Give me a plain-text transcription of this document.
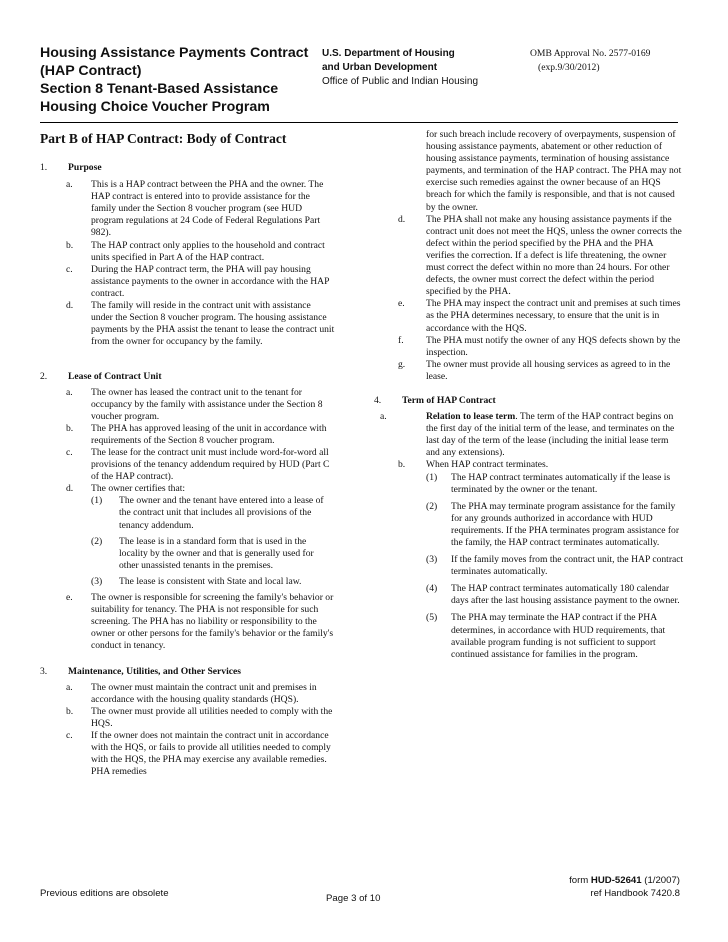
Housing Assistance Payments Contract
(HAP Contract)
Section 8 Tenant-Based Assistance
Housing Choice Voucher Program
U.S. Department of Housing
and Urban Development
Office of Public and Indian Housing
OMB Approval No. 2577-0169
(exp.9/30/2012)
Part B of HAP Contract: Body of Contract
1.	Purpose
a.	This is a HAP contract between the PHA and the owner. The HAP contract is entered into to provide assistance for the family under the Section 8 voucher program (see HUD program regulations at 24 Code of Federal Regulations Part 982).
b.	The HAP contract only applies to the household and contract units specified in Part A of the HAP contract.
c.	During the HAP contract term, the PHA will pay housing assistance payments to the owner in accordance with the HAP contract.
d.	The family will reside in the contract unit with assistance under the Section 8 voucher program. The housing assistance payments by the PHA assist the tenant to lease the contract unit from the owner for occupancy by the family.
2.	Lease of Contract Unit
a.	The owner has leased the contract unit to the tenant for occupancy by the family with assistance under the Section 8 voucher program.
b.	The PHA has approved leasing of the unit in accordance with requirements of the Section 8 voucher program.
c.	The lease for the contract unit must include word-for-word all provisions of the tenancy addendum required by HUD (Part C of the HAP contract).
d.	The owner certifies that:
(1)	The owner and the tenant have entered into a lease of the contract unit that includes all provisions of the tenancy addendum.
(2)	The lease is in a standard form that is used in the locality by the owner and that is generally used for other unassisted tenants in the premises.
(3)	The lease is consistent with State and local law.
e.	The owner is responsible for screening the family's behavior or suitability for tenancy. The PHA is not responsible for such screening. The PHA has no liability or responsibility to the owner or other persons for the family's behavior or the family's conduct in tenancy.
3.	Maintenance, Utilities, and Other Services
a.	The owner must maintain the contract unit and premises in accordance with the housing quality standards (HQS).
b.	The owner must provide all utilities needed to comply with the HQS.
c.	If the owner does not maintain the contract unit in accordance with the HQS, or fails to provide all utilities needed to comply with the HQS, the PHA may exercise any available remedies. PHA remedies
for such breach include recovery of overpayments, suspension of housing assistance payments, abatement or other reduction of housing assistance payments, termination of housing assistance payments, and termination of the HAP contract. The PHA may not exercise such remedies against the owner because of an HQS breach for which the family is responsible, and that is not caused by the owner.
d.	The PHA shall not make any housing assistance payments if the contract unit does not meet the HQS, unless the owner corrects the defect within the period specified by the PHA and the PHA verifies the correction. If a defect is life threatening, the owner must correct the defect within no more than 24 hours. For other defects, the owner must correct the defect within the period specified by the PHA.
e.	The PHA may inspect the contract unit and premises at such times as the PHA determines necessary, to ensure that the unit is in accordance with the HQS.
f.	The PHA must notify the owner of any HQS defects shown by the inspection.
g.	The owner must provide all housing services as agreed to in the lease.
4.	Term of HAP Contract
a.	Relation to lease term. The term of the HAP contract begins on the first day of the initial term of the lease, and terminates on the last day of the term of the lease (including the initial lease term and any extensions).
b.	When HAP contract terminates.
(1)	The HAP contract terminates automatically if the lease is terminated by the owner or the tenant.
(2)	The PHA may terminate program assistance for the family for any grounds authorized in accordance with HUD requirements. If the PHA terminates program assistance for the family, the HAP contract terminates automatically.
(3)	If the family moves from the contract unit, the HAP contract terminates automatically.
(4)	The HAP contract terminates automatically 180 calendar days after the last housing assistance payment to the owner.
(5)	The PHA may terminate the HAP contract if the PHA determines, in accordance with HUD requirements, that available program funding is not sufficient to support continued assistance for families in the program.
Previous editions are obsolete	Page 3 of 10
form HUD-52641 (1/2007)
ref Handbook 7420.8
